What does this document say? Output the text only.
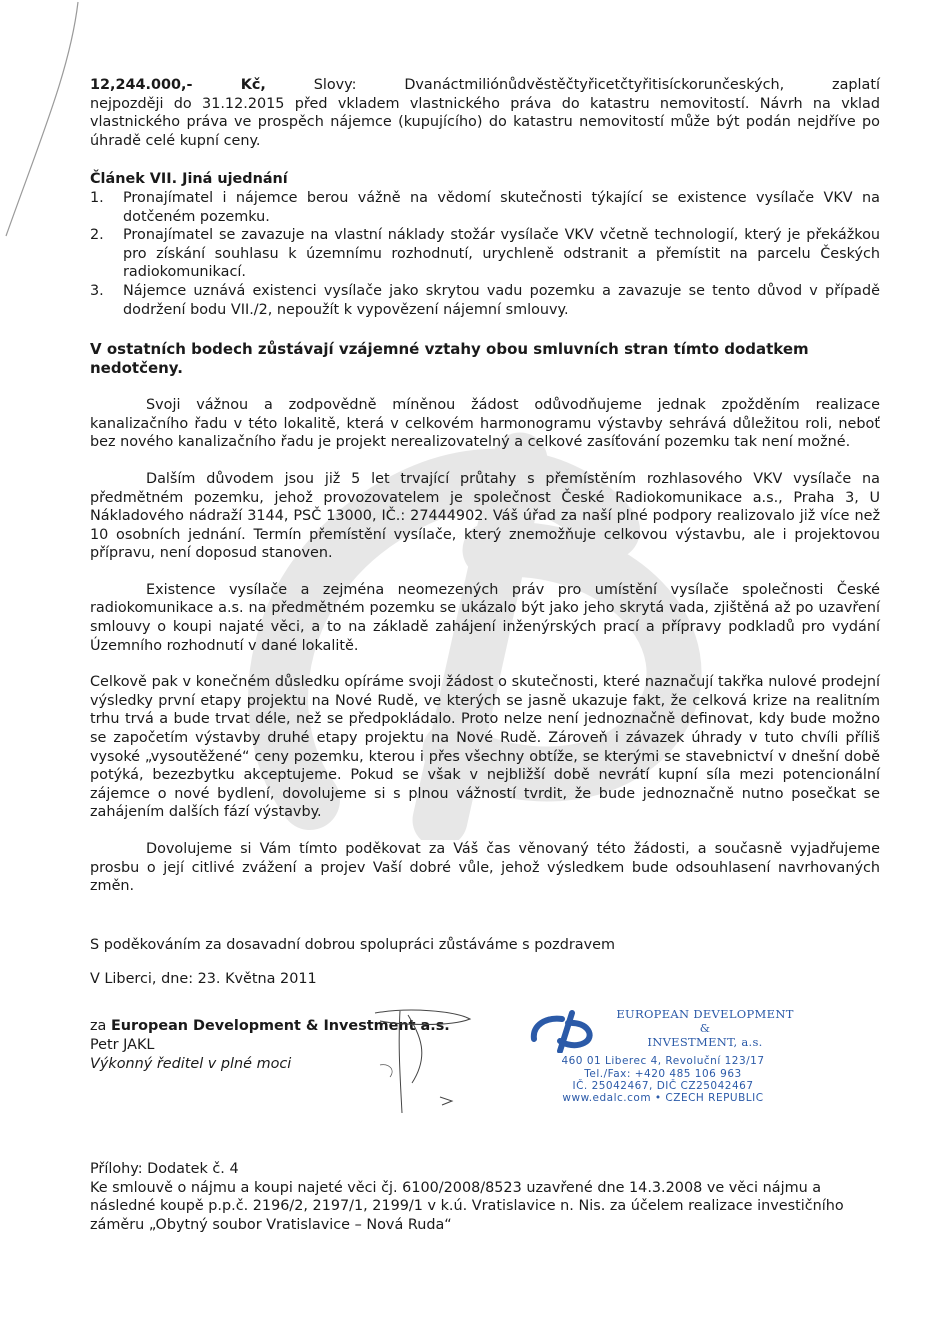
12,244.000,- Kč,	Slovy: Dvanáctmiliónůdvěstěčtyřicetčtyřitisíckorunčeských, zaplatí

nejpozději do 31.12.2015 před vkladem vlastnického práva do katastru nemovitostí. Návrh na vklad vlastnického práva ve prospěch nájemce (kupujícího) do katastru nemovitostí může být podán nejdříve po úhradě celé kupní ceny.

Článek VII. Jiná ujednání

1. Pronajímatel i nájemce berou vážně na vědomí skutečnosti týkající se existence vysílače VKV na dotčeném pozemku.
2. Pronajímatel se zavazuje na vlastní náklady stožár vysílače VKV včetně technologií, který je překážkou pro získání souhlasu k územnímu rozhodnutí, urychleně odstranit a přemístit na parcelu Českých radiokomunikací.
3. Nájemce uznává existenci vysílače jako skrytou vadu pozemku a zavazuje se tento důvod v případě dodržení bodu VII./2, nepoužít k vypovězení nájemní smlouvy.

V ostatních bodech zůstávají vzájemné vztahy obou smluvních stran tímto dodatkem nedotčeny.

Svoji vážnou a zodpovědně míněnou žádost odůvodňujeme jednak zpožděním realizace kanalizačního řadu v této lokalitě, která v celkovém harmonogramu výstavby sehrává důležitou roli, neboť bez nového kanalizačního řadu je projekt nerealizovatelný a celkové zasíťování pozemku tak není možné.

Dalším důvodem jsou již 5 let trvající průtahy s přemístěním rozhlasového VKV vysílače na předmětném pozemku, jehož provozovatelem je společnost České Radiokomunikace a.s., Praha 3, U Nákladového nádraží 3144, PSČ 13000, IČ.: 27444902. Váš úřad za naší plné podpory realizovalo již více než 10 osobních jednání. Termín přemístění vysílače, který znemožňuje celkovou výstavbu, ale i projektovou přípravu, není doposud stanoven.

Existence vysílače a zejména neomezených práv pro umístění vysílače společnosti České radiokomunikace a.s. na předmětném pozemku se ukázalo být jako jeho skrytá vada, zjištěná až po uzavření smlouvy o koupi najaté věci, a to na základě zahájení inženýrských prací a přípravy podkladů pro vydání Územního rozhodnutí v dané lokalitě.

Celkově pak v konečném důsledku opíráme svoji žádost o skutečnosti, které naznačují takřka nulové prodejní výsledky první etapy projektu na Nové Rudě, ve kterých se jasně ukazuje fakt, že celková krize na realitním trhu trvá a bude trvat déle, než se předpokládalo. Proto nelze není jednoznačně definovat, kdy bude možno se započetím výstavby druhé etapy projektu na Nové Rudě. Zároveň i závazek úhrady v tuto chvíli příliš vysoké „vysoutěžené“ ceny pozemku, kterou i přes všechny obtíže, se kterými se stavebnictví v dnešní době potýká, bezezbytku akceptujeme. Pokud se však v nejbližší době nevrátí kupní síla mezi potencionální zájemce o nové bydlení, dovolujeme si s plnou vážností tvrdit, že bude jednoznačně nutno posečkat se zahájením dalších fází výstavby.

Dovolujeme si Vám tímto poděkovat za Váš čas věnovaný této žádosti, a současně vyjadřujeme prosbu o její citlivé zvážení a projev Vaší dobré vůle, jehož výsledkem bude odsouhlasení navrhovaných změn.

S poděkováním za dosavadní dobrou spolupráci zůstáváme s pozdravem

V Liberci, dne: 23. Května 2011

za European Development & Investment a.s.
Petr JAKL
Výkonný ředitel v plné moci
EUROPEAN DEVELOPMENT
&
INVESTMENT, a.s.
460 01 Liberec 4, Revoluční 123/17
Tel./Fax: +420 485 106 963
IČ. 25042467, DIČ CZ25042467
www.edalc.com • CZECH REPUBLIC

Přílohy: Dodatek č. 4

Ke smlouvě o nájmu a koupi najeté věci čj. 6100/2008/8523 uzavřené dne 14.3.2008 ve věci nájmu a následné koupě p.p.č. 2196/2, 2197/1, 2199/1 v k.ú. Vratislavice n. Nis. za účelem realizace investičního záměru „Obytný soubor Vratislavice – Nová Ruda“
